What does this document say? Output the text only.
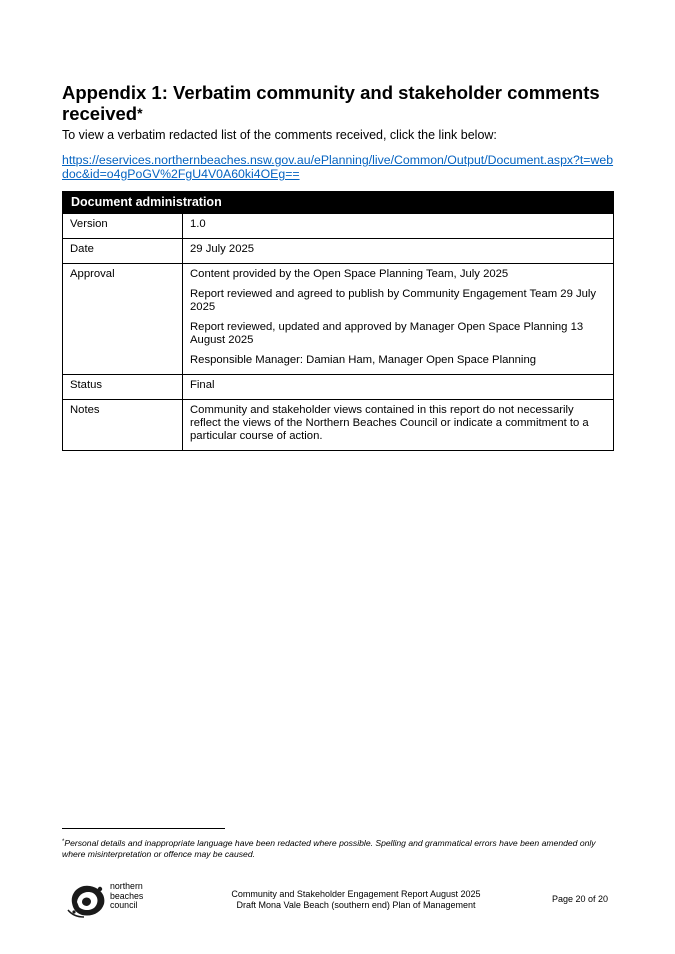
Appendix 1: Verbatim community and stakeholder comments received*
To view a verbatim redacted list of the comments received, click the link below:
https://eservices.northernbeaches.nsw.gov.au/ePlanning/live/Common/Output/Document.aspx?t=webdoc&id=o4gPoGV%2FgU4V0A60ki4OEg==
Document administration	
Version	1.0

Date	29 July 2025

Approval	Content provided by the Open Space Planning Team, July 2025

Report reviewed and agreed to publish by Community Engagement Team 29 July 2025

Report reviewed, updated and approved by Manager Open Space Planning 13 August 2025

Responsible Manager: Damian Ham, Manager Open Space Planning

Status	Final

Notes	Community and stakeholder views contained in this report do not necessarily reflect the views of the Northern Beaches Council or indicate a commitment to a particular course of action.

*Personal details and inappropriate language have been redacted where possible. Spelling and grammatical errors have been amended only where misinterpretation or offence may be caused.
northern
beaches
council
Community and Stakeholder Engagement Report August 2025
Draft Mona Vale Beach (southern end) Plan of Management
Page 20 of 20
